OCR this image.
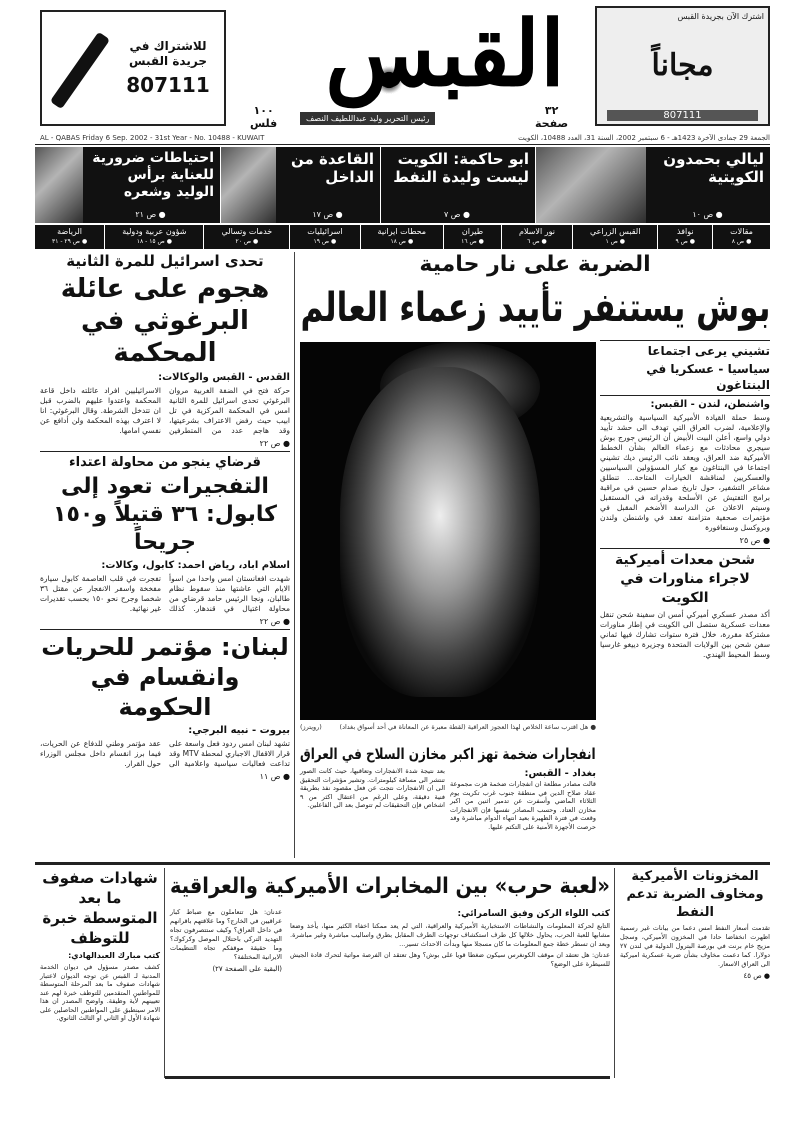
للاشتراك في
جريدة القبس
807111 القبس
١٠٠
فلس
٣٢
صفحة
رئيس التحرير وليد عبداللطيف النصف
اشترك الآن بجريدة القبس
مجاناً
807111
AL - QABAS Friday 6 Sep. 2002 - 31st Year - No. 10488 - KUWAIT	الجمعة 29 جمادى الآخرة 1423هـ - 6 سبتمبر 2002، السنة 31، العدد 10488، الكويت
ليالي بحمدون الكويتية
● ص ١٠
ابو حاكمة: الكويت ليست وليدة النفط
● ص ٧
القاعدة من الداخل
● ص ١٧
احتياطات ضرورية للعناية برأس الوليد وشعره
● ص ٢١
مقالات
● ص ٨
نوافذ
● ص ٩
القبس الزراعي
● ص ١
نور الاسلام
● ص ٦
طيران
● ص ١٦
محطات ايرانية
● ص ١٨
اسرائيليات
● ص ١٩
خدمات وتسالي
● ص ٢٠
شؤون عربية ودولية
● ص ١٥ - ١٨
الرياضة
● ص ٢٩ - ٣١
الضربة على نار حامية
بوش يستنفر تأييد زعماء العالم
تشيني يرعى اجتماعا
سياسيا - عسكريا في البنتاغون
واشنطن، لندن - القبس:
وسط حملة القيادة الأميركية السياسية والتشريعية والإعلامية، لضرب العراق التي تهدف الى حشد تأييد دولي واسع، أعلن البيت الأبيض أن الرئيس جورج بوش سيجري محادثات مع زعماء العالم بشأن الخطط الأميركية ضد العراق، ويعقد نائب الرئيس ديك تشيني اجتماعا في البنتاغون مع كبار المسؤولين السياسيين والعسكريين لمناقشة الخيارات المتاحة... تنطلق مشاعر التشفير، حول تاريخ صدام حسين في مراقبة برامج التفتيش عن الأسلحة وقدراته في المستقبل وسيتم الاعلان عن الدراسة الأضخم المقبل في مؤتمرات صحفية متزامنة تعقد في واشنطن ولندن وبروكسل وسنغافورة
● ص ٢٥
شحن معدات أميركية لاجراء مناورات في الكويت
أكد مصدر عسكري أميركي أمس ان سفينة شحن تنقل معدات عسكرية ستصل الى الكويت في إطار مناورات مشتركة مقررة، خلال فترة ستوات تشارك فيها ثماني سفن شحن بين الولايات المتحدة وجزيرة دييغو غارسيا وسط المحيط الهندي.
● هل اقترب ساعة الخلاص لهذا العجوز العراقية (لقطة معبرة عن المعاناة في أحد أسواق بغداد)
(رويترز)
انفجارات ضخمة تهز اكبر مخازن السلاح في العراق
بغداد - القبس:
قالت مصادر مطلعة ان انفجارات ضخمة هزت مجموعة عقاد صلاح الدين في منطقة جنوب غرب تكريت يوم الثلاثاء الماضي وأسفرت عن تدمير اثنين من اكبر مخازن العتاد. وحسب المصادر نفسها فإن الانفجارات وقعت في فترة الظهيرة بعيد انتهاء الدوام مباشرة وقد حرصت الأجهزة الأمنية على التكتم عليها.
بعد نتيجة شدة الانفجارات وتعاقبها، حيث كانت الصور تنتشر الى مسافة كيلومترات. وتشير مؤشرات التحقيق الى ان الانفجارات نتجت عن فعل مقصود نفذ بطريقة فنية دقيقة، وعلى الرغم من اعتقال اكثر من ٩ اشخاص فإن التحقيقات لم تتوصل بعد الى الفاعلين.
تحدى اسرائيل للمرة الثانية
هجوم على عائلة البرغوثي في المحكمة
القدس - القبس والوكالات:
حركة فتح في الضفة الغربية مروان البرغوثي تحدى اسرائيل للمرة الثانية امس في المحكمة المركزية في تل ابيب حيث رفض الاعتراف بشرعيتها، وقد هاجم عدد من المتطرفين الاسرائيليين افراد عائلته داخل قاعة المحكمة واعتدوا عليهم بالضرب قبل ان تتدخل الشرطة. وقال البرغوثي: انا لا اعترف بهذه المحكمة ولن أدافع عن نفسي امامها.
● ص ٢٢
قرضاي ينجو من محاولة اعتداء
التفجيرات تعود إلى كابول: ٣٦ قتيلاً و١٥٠ جريحاً
اسلام اباد، رياض احمد: كابول، وكالات:
شهدت افغانستان امس واحدا من اسوأ الايام التي عاشتها منذ سقوط نظام طالبان، ونجا الرئيس حامد قرضاي من محاولة اغتيال في قندهار. كذلك تفجرت في قلب العاصمة كابول سيارة مفخخة واسفر الانفجار عن مقتل ٣٦ شخصا وجرح نحو ١٥٠ بحسب تقديرات غير نهائية.
● ص ٢٢
لبنان: مؤتمر للحريات وانقسام في الحكومة
بيروت - نبيه البرجي:
تشهد لبنان امس ردود فعل واسعة على قرار الاقفال الاجباري لمحطة MTV وقد تداعت فعاليات سياسية واعلامية الى عقد مؤتمر وطني للدفاع عن الحريات، فيما برز انقسام داخل مجلس الوزراء حول القرار.
● ص ١١
شهادات صفوف ما بعد المتوسطة خبرة للتوظف
كتب مبارك العبدالهادي:
كشف مصدر مسؤول في ديوان الخدمة المدنية لـ القبس عن توجه الديوان لاعتبار شهادات صفوف ما بعد المرحلة المتوسطة للمواطنين المتقدمين للتوظف خبرة لهم عند تعيينهم لأية وظيفة. واوضح المصدر ان هذا الامر سينطبق على المواطنين الحاصلين على شهادة الأول او الثاني او الثالث الثانوي.
«لعبة حرب» بين المخابرات الأميركية والعراقية
كتب اللواء الركن وفيق السامرائي:
التابع لحركة المعلومات والنشاطات الاستخبارية الأميركية والعراقية، التي لم يعد ممكنا اخفاء الكثير منها، يأخذ وضعا مشابها للعبة الحرب، يحاول خلالها كل طرف استكشاف توجهات الطرف المقابل بطرق واساليب مباشرة وغير مباشرة. وبعد ان تسطر خطة جمع المعلومات ما كان مسجلا منها وبدأت الاحداث تسير...
عدنان: هل تعتقد ان موقف الكونغرس سيكون ضغطا قويا على بوش؟ وهل تعتقد ان الفرصة مواتية لتحرك قادة الجيش للسيطرة على الوضع؟
عدنان: هل تتعاملون مع ضباط كبار عراقيين في الخارج؟ وما علاقتهم باقرانهم في داخل العراق؟ وكيف ستتصرفون تجاه التهديد التركي باحتلال الموصل وكركوك؟ وما حقيقة موقفكم تجاه التنظيمات الايرانية المختلفة؟
(البقية على الصفحة ٢٧)
المخزونات الأميركية ومخاوف الضربة تدعم النفط
تقدمت أسعار النفط امس دعما من بيانات غير رسمية اظهرت انخفاضا حادا في المخزون الأميركي، وسجل مزيج خام برنت في بورصة البترول الدولية في لندن ٢٧ دولارا. كما دعمت مخاوف بشأن ضربة عسكرية اميركية الى العراق الاسعار.
● ص ٤٥
